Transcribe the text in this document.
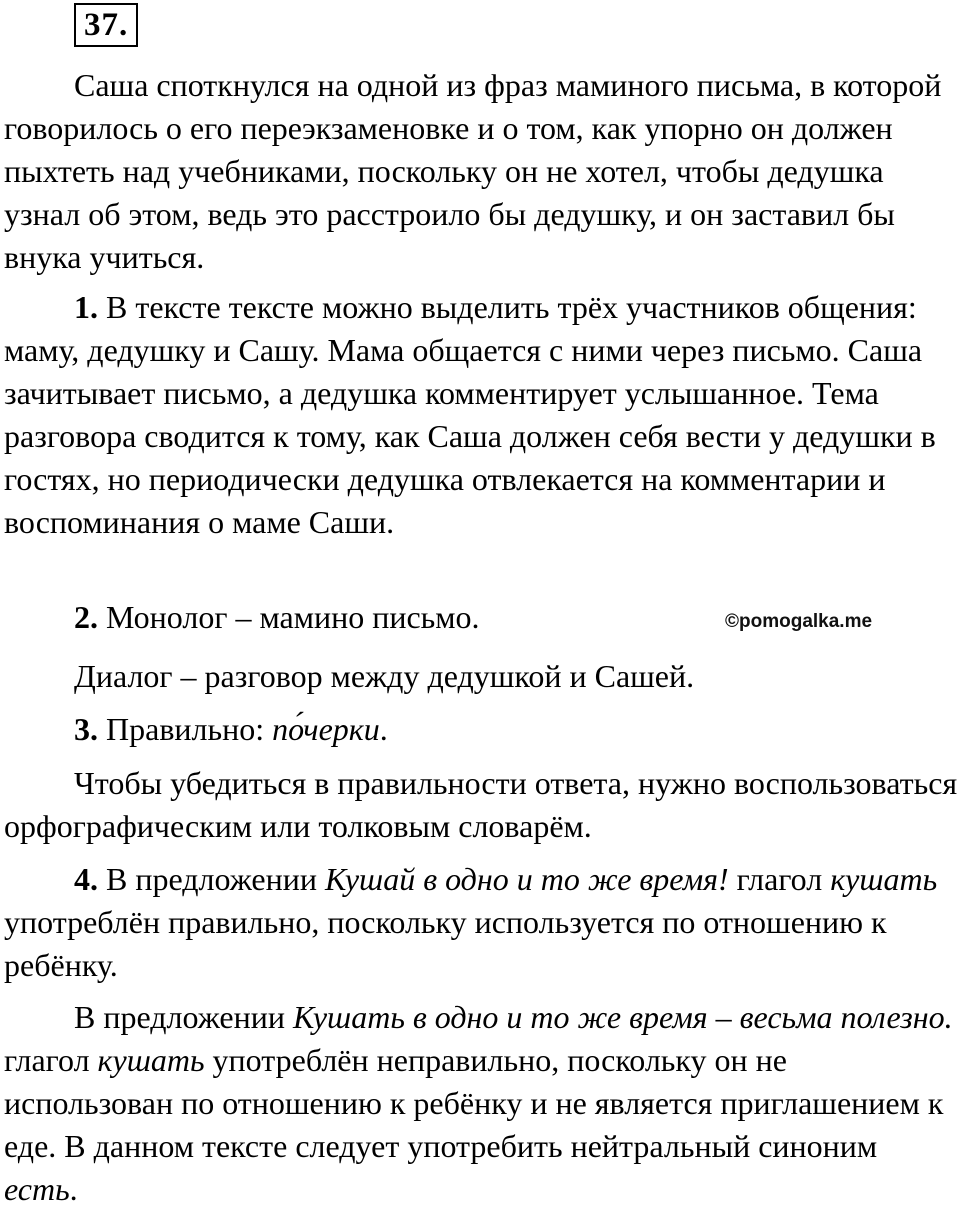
37.

Саша споткнулся на одной из фраз маминого письма, в которой говорилось о его переэкзаменовке и о том, как упорно он должен пыхтеть над учебниками, поскольку он не хотел, чтобы дедушка узнал об этом, ведь это расстроило бы дедушку, и он заставил бы внука учиться.

1. В тексте тексте можно выделить трёх участников общения: маму, дедушку и Сашу. Мама общается с ними через письмо. Саша зачитывает письмо, а дедушка комментирует услышанное. Тема разговора сводится к тому, как Саша должен себя вести у дедушки в гостях, но периодически дедушка отвлекается на комментарии и воспоминания о маме Саши.

2. Монолог – мамино письмо.	©pomogalka.me

Диалог – разговор между дедушкой и Сашей.

3. Правильно: по́черки.

Чтобы убедиться в правильности ответа, нужно воспользоваться орфографическим или толковым словарём.

4. В предложении Кушай в одно и то же время! глагол кушать употреблён правильно, поскольку используется по отношению к ребёнку.

В предложении Кушать в одно и то же время – весьма полезно. глагол кушать употреблён неправильно, поскольку он не использован по отношению к ребёнку и не является приглашением к еде. В данном тексте следует употребить нейтральный синоним есть.
